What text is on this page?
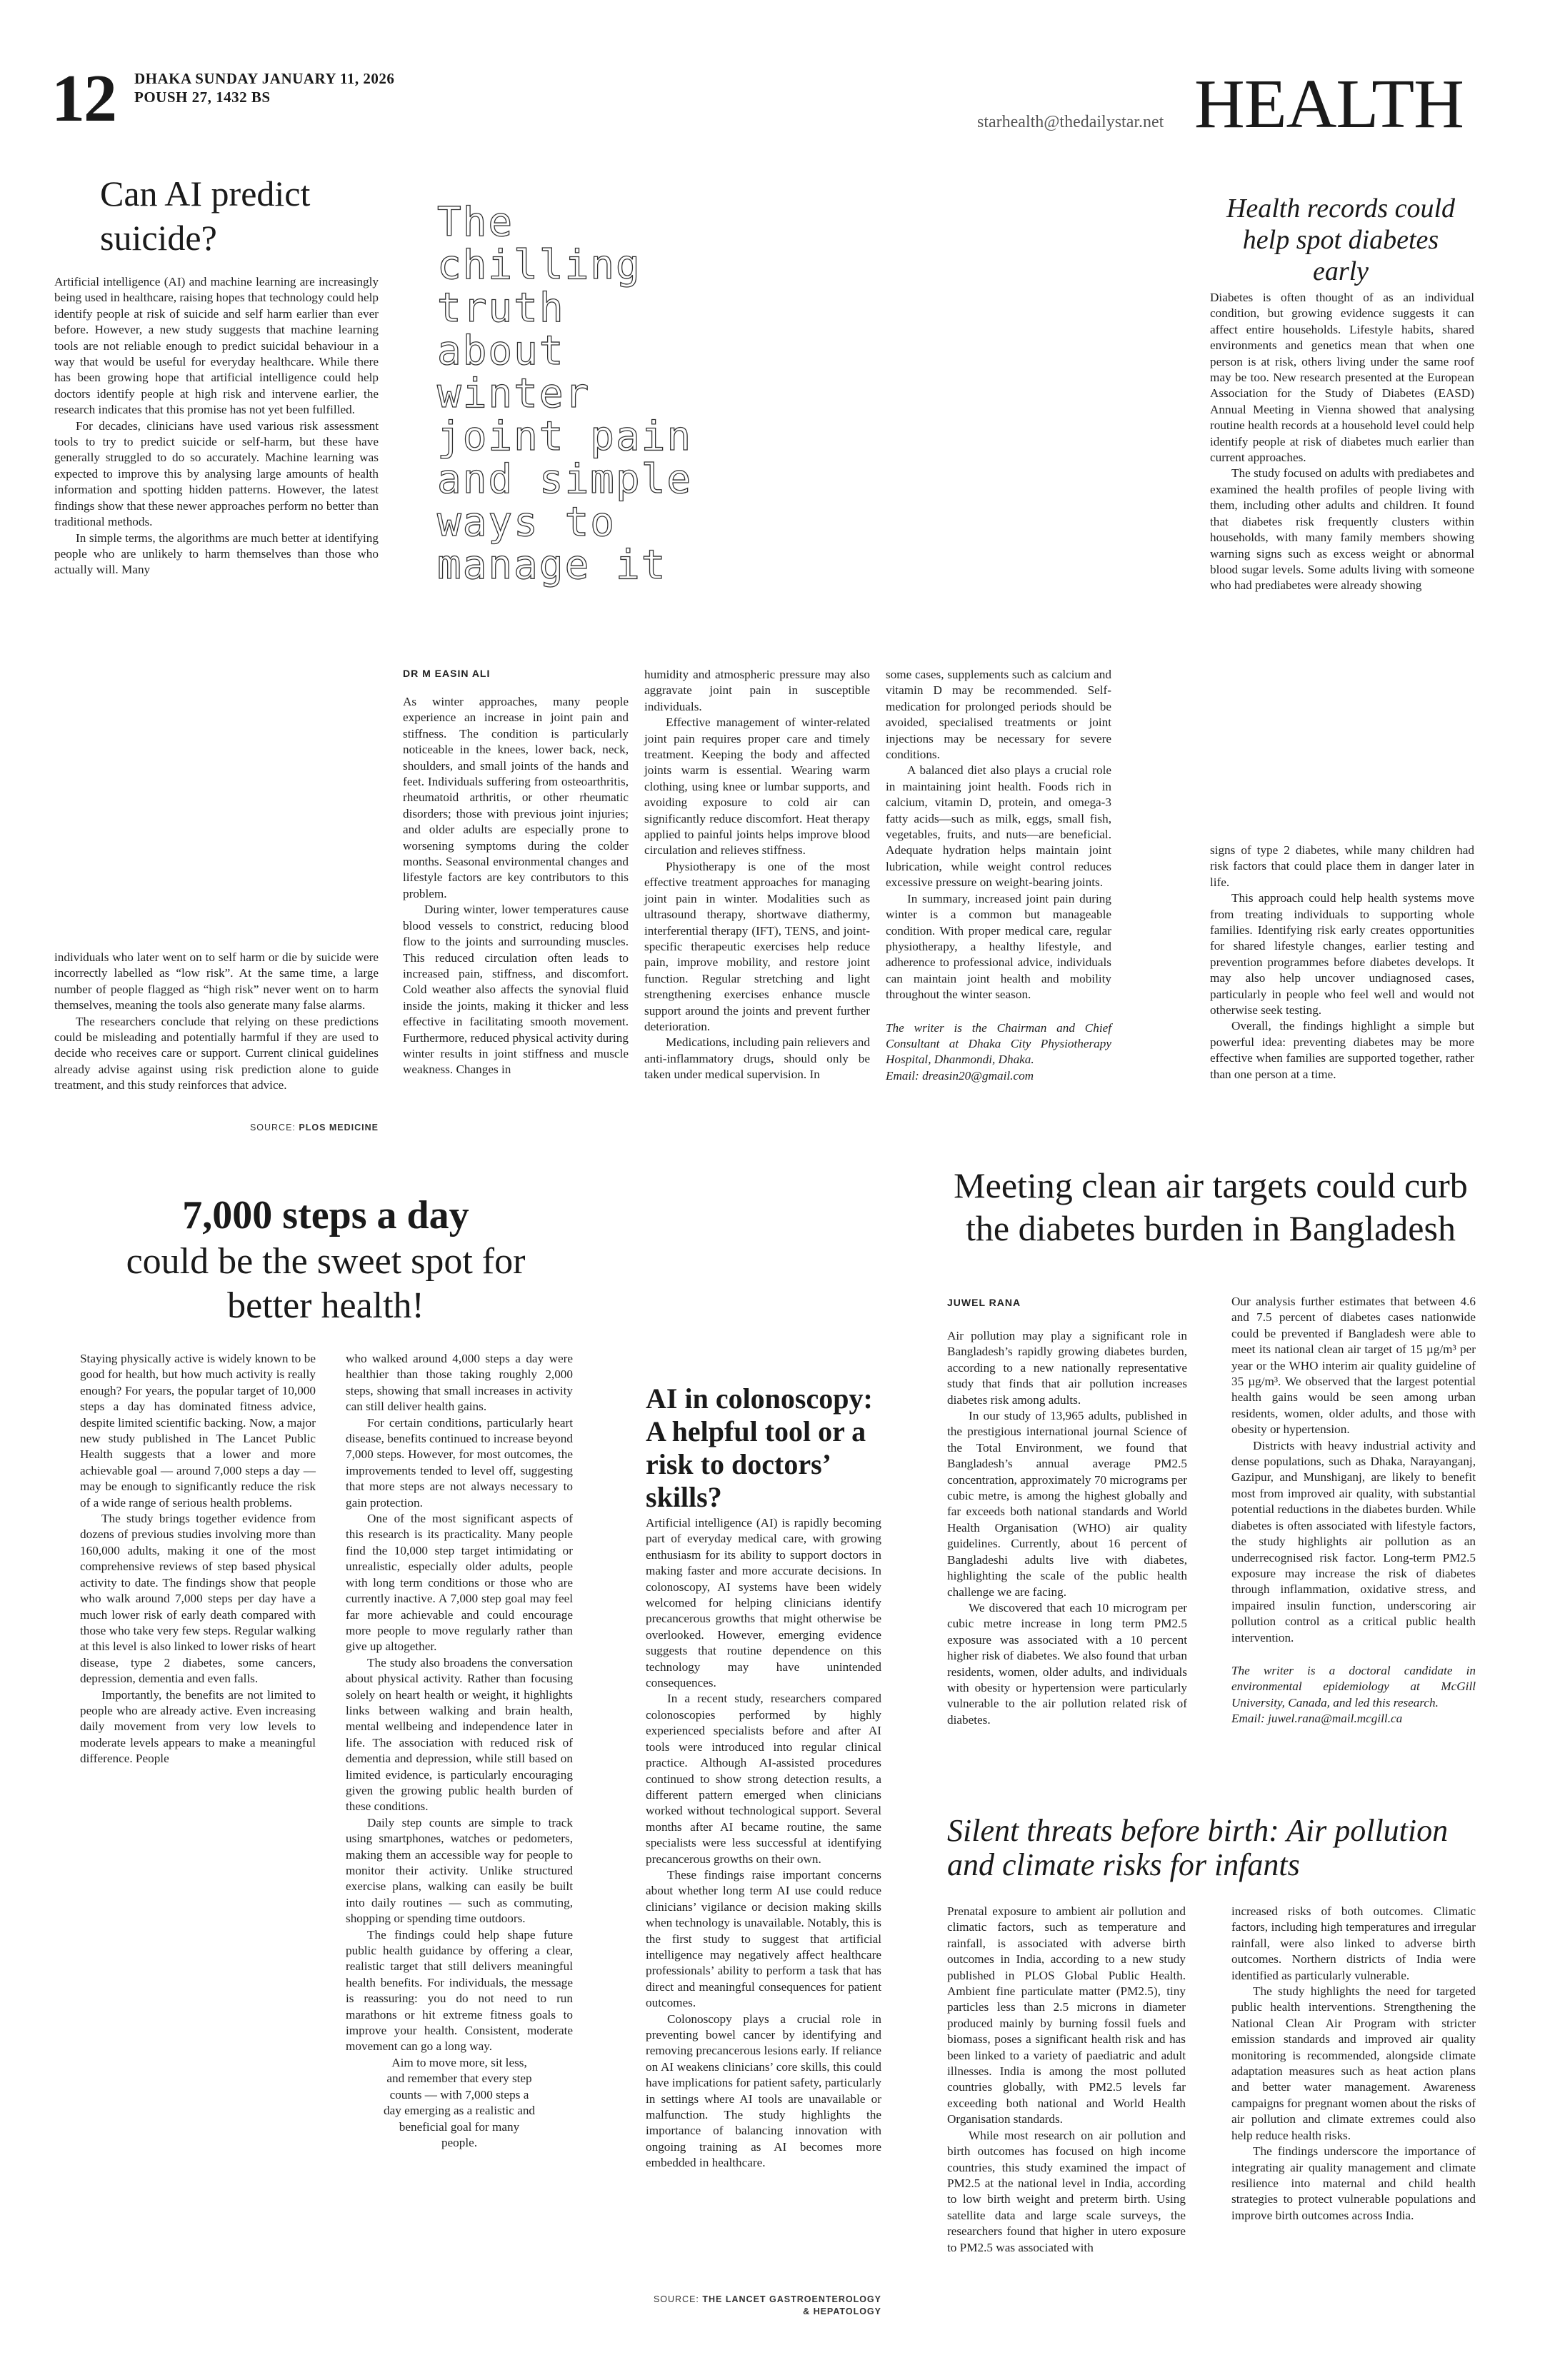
12 DHAKA SUNDAY JANUARY 11, 2026
POUSH 27, 1432 BS
starhealth@thedailystar.net HEALTH
Can AI predict suicide?

Artificial intelligence (AI) and machine learning are increasingly being used in healthcare, raising hopes that technology could help identify people at risk of suicide and self harm earlier than ever before. However, a new study suggests that machine learning tools are not reliable enough to predict suicidal behaviour in a way that would be useful for everyday healthcare. While there has been growing hope that artificial intelligence could help doctors identify people at high risk and intervene earlier, the research indicates that this promise has not yet been fulfilled.

For decades, clinicians have used various risk assessment tools to try to predict suicide or self-harm, but these have generally struggled to do so accurately. Machine learning was expected to improve this by analysing large amounts of health information and spotting hidden patterns. However, the latest findings show that these newer approaches perform no better than traditional methods.

In simple terms, the algorithms are much better at identifying people who are unlikely to harm themselves than those who actually will. Many

individuals who later went on to self harm or die by suicide were incorrectly labelled as “low risk”. At the same time, a large number of people flagged as “high risk” never went on to harm themselves, meaning the tools also generate many false alarms.

The researchers conclude that relying on these predictions could be misleading and potentially harmful if they are used to decide who receives care or support. Current clinical guidelines already advise against using risk prediction alone to guide treatment, and this study reinforces that advice.

SOURCE: PLOS MEDICINE
The
chilling
truth
about
winter
joint pain
and simple
ways to
manage it
DR M EASIN ALI

As winter approaches, many people experience an increase in joint pain and stiffness. The condition is particularly noticeable in the knees, lower back, neck, shoulders, and small joints of the hands and feet. Individuals suffering from osteoarthritis, rheumatoid arthritis, or other rheumatic disorders; those with previous joint injuries; and older adults are especially prone to worsening symptoms during the colder months. Seasonal environmental changes and lifestyle factors are key contributors to this problem.

During winter, lower temperatures cause blood vessels to constrict, reducing blood flow to the joints and surrounding muscles. This reduced circulation often leads to increased pain, stiffness, and discomfort. Cold weather also affects the synovial fluid inside the joints, making it thicker and less effective in facilitating smooth movement. Furthermore, reduced physical activity during winter results in joint stiffness and muscle weakness. Changes in

humidity and atmospheric pressure may also aggravate joint pain in susceptible individuals.

Effective management of winter-related joint pain requires proper care and timely treatment. Keeping the body and affected joints warm is essential. Wearing warm clothing, using knee or lumbar supports, and avoiding exposure to cold air can significantly reduce discomfort. Heat therapy applied to painful joints helps improve blood circulation and relieves stiffness.

Physiotherapy is one of the most effective treatment approaches for managing joint pain in winter. Modalities such as ultrasound therapy, shortwave diathermy, interferential therapy (IFT), TENS, and joint-specific therapeutic exercises help reduce pain, improve mobility, and restore joint function. Regular stretching and light strengthening exercises enhance muscle support around the joints and prevent further deterioration.

Medications, including pain relievers and anti-inflammatory drugs, should only be taken under medical supervision. In

some cases, supplements such as calcium and vitamin D may be recommended. Self-medication for prolonged periods should be avoided, specialised treatments or joint injections may be necessary for severe conditions.

A balanced diet also plays a crucial role in maintaining joint health. Foods rich in calcium, vitamin D, protein, and omega-3 fatty acids—such as milk, eggs, small fish, vegetables, fruits, and nuts—are beneficial. Adequate hydration helps maintain joint lubrication, while weight control reduces excessive pressure on weight-bearing joints.

In summary, increased joint pain during winter is a common but manageable condition. With proper medical care, regular physiotherapy, a healthy lifestyle, and adherence to professional advice, individuals can maintain joint health and mobility throughout the winter season.

The writer is the Chairman and Chief Consultant at Dhaka City Physiotherapy Hospital, Dhanmondi, Dhaka.

Email: dreasin20@gmail.com

Health records could help spot diabetes early

Diabetes is often thought of as an individual condition, but growing evidence suggests it can affect entire households. Lifestyle habits, shared environments and genetics mean that when one person is at risk, others living under the same roof may be too. New research presented at the European Association for the Study of Diabetes (EASD) Annual Meeting in Vienna showed that analysing routine health records at a household level could help identify people at risk of diabetes much earlier than current approaches.

The study focused on adults with prediabetes and examined the health profiles of people living with them, including other adults and children. It found that diabetes risk frequently clusters within households, with many family members showing warning signs such as excess weight or abnormal blood sugar levels. Some adults living with someone who had prediabetes were already showing

signs of type 2 diabetes, while many children had risk factors that could place them in danger later in life.

This approach could help health systems move from treating individuals to supporting whole families. Identifying risk early creates opportunities for shared lifestyle changes, earlier testing and prevention programmes before diabetes develops. It may also help uncover undiagnosed cases, particularly in people who feel well and would not otherwise seek testing.

Overall, the findings highlight a simple but powerful idea: preventing diabetes may be more effective when families are supported together, rather than one person at a time.

7,000 steps a day
could be the sweet spot for better health!

Staying physically active is widely known to be good for health, but how much activity is really enough? For years, the popular target of 10,000 steps a day has dominated fitness advice, despite limited scientific backing. Now, a major new study published in The Lancet Public Health suggests that a lower and more achievable goal — around 7,000 steps a day — may be enough to significantly reduce the risk of a wide range of serious health problems.

The study brings together evidence from dozens of previous studies involving more than 160,000 adults, making it one of the most comprehensive reviews of step based physical activity to date. The findings show that people who walk around 7,000 steps per day have a much lower risk of early death compared with those who take very few steps. Regular walking at this level is also linked to lower risks of heart disease, type 2 diabetes, some cancers, depression, dementia and even falls.

Importantly, the benefits are not limited to people who are already active. Even increasing daily movement from very low levels to moderate levels appears to make a meaningful difference. People

who walked around 4,000 steps a day were healthier than those taking roughly 2,000 steps, showing that small increases in activity can still deliver health gains.

For certain conditions, particularly heart disease, benefits continued to increase beyond 7,000 steps. However, for most outcomes, the improvements tended to level off, suggesting that more steps are not always necessary to gain protection.

One of the most significant aspects of this research is its practicality. Many people find the 10,000 step target intimidating or unrealistic, especially older adults, people with long term conditions or those who are currently inactive. A 7,000 step goal may feel far more achievable and could encourage more people to move regularly rather than give up altogether.

The study also broadens the conversation about physical activity. Rather than focusing solely on heart health or weight, it highlights links between walking and brain health, mental wellbeing and independence later in life. The association with reduced risk of dementia and depression, while still based on limited evidence, is particularly encouraging given the growing public health burden of these conditions.

Daily step counts are simple to track using smartphones, watches or pedometers, making them an accessible way for people to monitor their activity. Unlike structured exercise plans, walking can easily be built into daily routines — such as commuting, shopping or spending time outdoors.

The findings could help shape future public health guidance by offering a clear, realistic target that still delivers meaningful health benefits. For individuals, the message is reassuring: you do not need to run marathons or hit extreme fitness goals to improve your health. Consistent, moderate movement can go a long way.

Aim to move more, sit less, and remember that every step counts — with 7,000 steps a day emerging as a realistic and beneficial goal for many people.

AI in colonoscopy: A helpful tool or a risk to doctors’ skills?

Artificial intelligence (AI) is rapidly becoming part of everyday medical care, with growing enthusiasm for its ability to support doctors in making faster and more accurate decisions. In colonoscopy, AI systems have been widely welcomed for helping clinicians identify precancerous growths that might otherwise be overlooked. However, emerging evidence suggests that routine dependence on this technology may have unintended consequences.

In a recent study, researchers compared colonoscopies performed by highly experienced specialists before and after AI tools were introduced into regular clinical practice. Although AI-assisted procedures continued to show strong detection results, a different pattern emerged when clinicians worked without technological support. Several months after AI became routine, the same specialists were less successful at identifying precancerous growths on their own.

These findings raise important concerns about whether long term AI use could reduce clinicians’ vigilance or decision making skills when technology is unavailable. Notably, this is the first study to suggest that artificial intelligence may negatively affect healthcare professionals’ ability to perform a task that has direct and meaningful consequences for patient outcomes.

Colonoscopy plays a crucial role in preventing bowel cancer by identifying and removing precancerous lesions early. If reliance on AI weakens clinicians’ core skills, this could have implications for patient safety, particularly in settings where AI tools are unavailable or malfunction. The study highlights the importance of balancing innovation with ongoing training as AI becomes more embedded in healthcare.

SOURCE: THE LANCET GASTROENTEROLOGY & HEPATOLOGY
Meeting clean air targets could curb the diabetes burden in Bangladesh
JUWEL RANA

Air pollution may play a significant role in Bangladesh’s rapidly growing diabetes burden, according to a new nationally representative study that finds that air pollution increases diabetes risk among adults.

In our study of 13,965 adults, published in the prestigious international journal Science of the Total Environment, we found that Bangladesh’s annual average PM2.5 concentration, approximately 70 micrograms per cubic metre, is among the highest globally and far exceeds both national standards and World Health Organisation (WHO) air quality guidelines. Currently, about 16 percent of Bangladeshi adults live with diabetes, highlighting the scale of the public health challenge we are facing.

We discovered that each 10 microgram per cubic metre increase in long term PM2.5 exposure was associated with a 10 percent higher risk of diabetes. We also found that urban residents, women, older adults, and individuals with obesity or hypertension were particularly vulnerable to the air pollution related risk of diabetes.

Our analysis further estimates that between 4.6 and 7.5 percent of diabetes cases nationwide could be prevented if Bangladesh were able to meet its national clean air target of 15 µg/m³ per year or the WHO interim air quality guideline of 35 µg/m³. We observed that the largest potential health gains would be seen among urban residents, women, older adults, and those with obesity or hypertension.

Districts with heavy industrial activity and dense populations, such as Dhaka, Narayanganj, Gazipur, and Munshiganj, are likely to benefit most from improved air quality, with substantial potential reductions in the diabetes burden. While diabetes is often associated with lifestyle factors, the study highlights air pollution as an underrecognised risk factor. Long-term PM2.5 exposure may increase the risk of diabetes through inflammation, oxidative stress, and impaired insulin function, underscoring air pollution control as a critical public health intervention.

The writer is a doctoral candidate in environmental epidemiology at McGill University, Canada, and led this research.

Email: juwel.rana@mail.mcgill.ca

Silent threats before birth: Air pollution and climate risks for infants

Prenatal exposure to ambient air pollution and climatic factors, such as temperature and rainfall, is associated with adverse birth outcomes in India, according to a new study published in PLOS Global Public Health. Ambient fine particulate matter (PM2.5), tiny particles less than 2.5 microns in diameter produced mainly by burning fossil fuels and biomass, poses a significant health risk and has been linked to a variety of paediatric and adult illnesses. India is among the most polluted countries globally, with PM2.5 levels far exceeding both national and World Health Organisation standards.

While most research on air pollution and birth outcomes has focused on high income countries, this study examined the impact of PM2.5 at the national level in India, according to low birth weight and preterm birth. Using satellite data and large scale surveys, the researchers found that higher in utero exposure to PM2.5 was associated with

increased risks of both outcomes. Climatic factors, including high temperatures and irregular rainfall, were also linked to adverse birth outcomes. Northern districts of India were identified as particularly vulnerable.

The study highlights the need for targeted public health interventions. Strengthening the National Clean Air Program with stricter emission standards and improved air quality monitoring is recommended, alongside climate adaptation measures such as heat action plans and better water management. Awareness campaigns for pregnant women about the risks of air pollution and climate extremes could also help reduce health risks.

The findings underscore the importance of integrating air quality management and climate resilience into maternal and child health strategies to protect vulnerable populations and improve birth outcomes across India.
